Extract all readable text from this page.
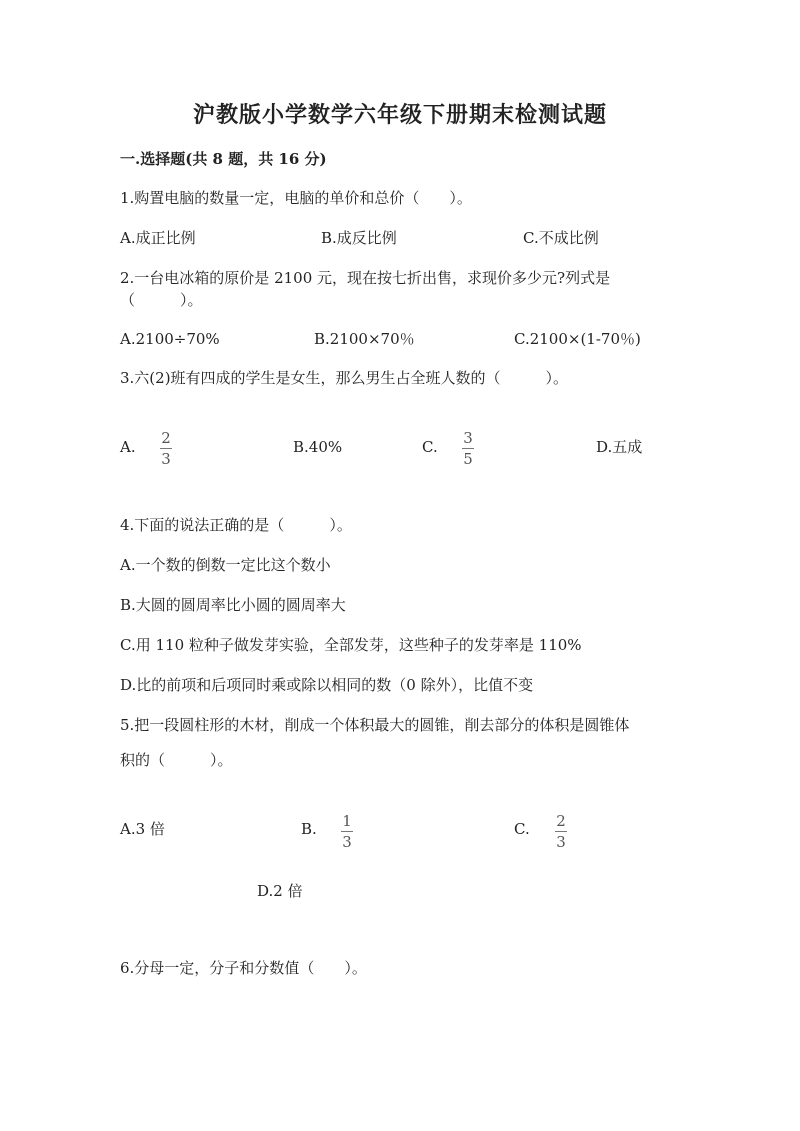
沪教版小学数学六年级下册期末检测试题
一.选择题(共 8 题，共 16 分)
1.购置电脑的数量一定，电脑的单价和总价（　　）。
A.成正比例	B.成反比例	C.不成比例
2.一台电冰箱的原价是 2100 元，现在按七折出售，求现价多少元?列式是
（　　　）。
A.2100÷70%	B.2100×70％	C.2100×(1-70％)
3.六(2)班有四成的学生是女生，那么男生占全班人数的（　　　）。
A. 2
3
B.40%	C. 3
5
D.五成
4.下面的说法正确的是（　　　）。
A.一个数的倒数一定比这个数小
B.大圆的圆周率比小圆的圆周率大
C.用 110 粒种子做发芽实验，全部发芽，这些种子的发芽率是 110%
D.比的前项和后项同时乘或除以相同的数（0 除外），比值不变
5.把一段圆柱形的木材，削成一个体积最大的圆锥，削去部分的体积是圆锥体
积的（　　　）。
A.3 倍	B. 1
3
C. 2
3
D.2 倍
6.分母一定，分子和分数值（　　）。
